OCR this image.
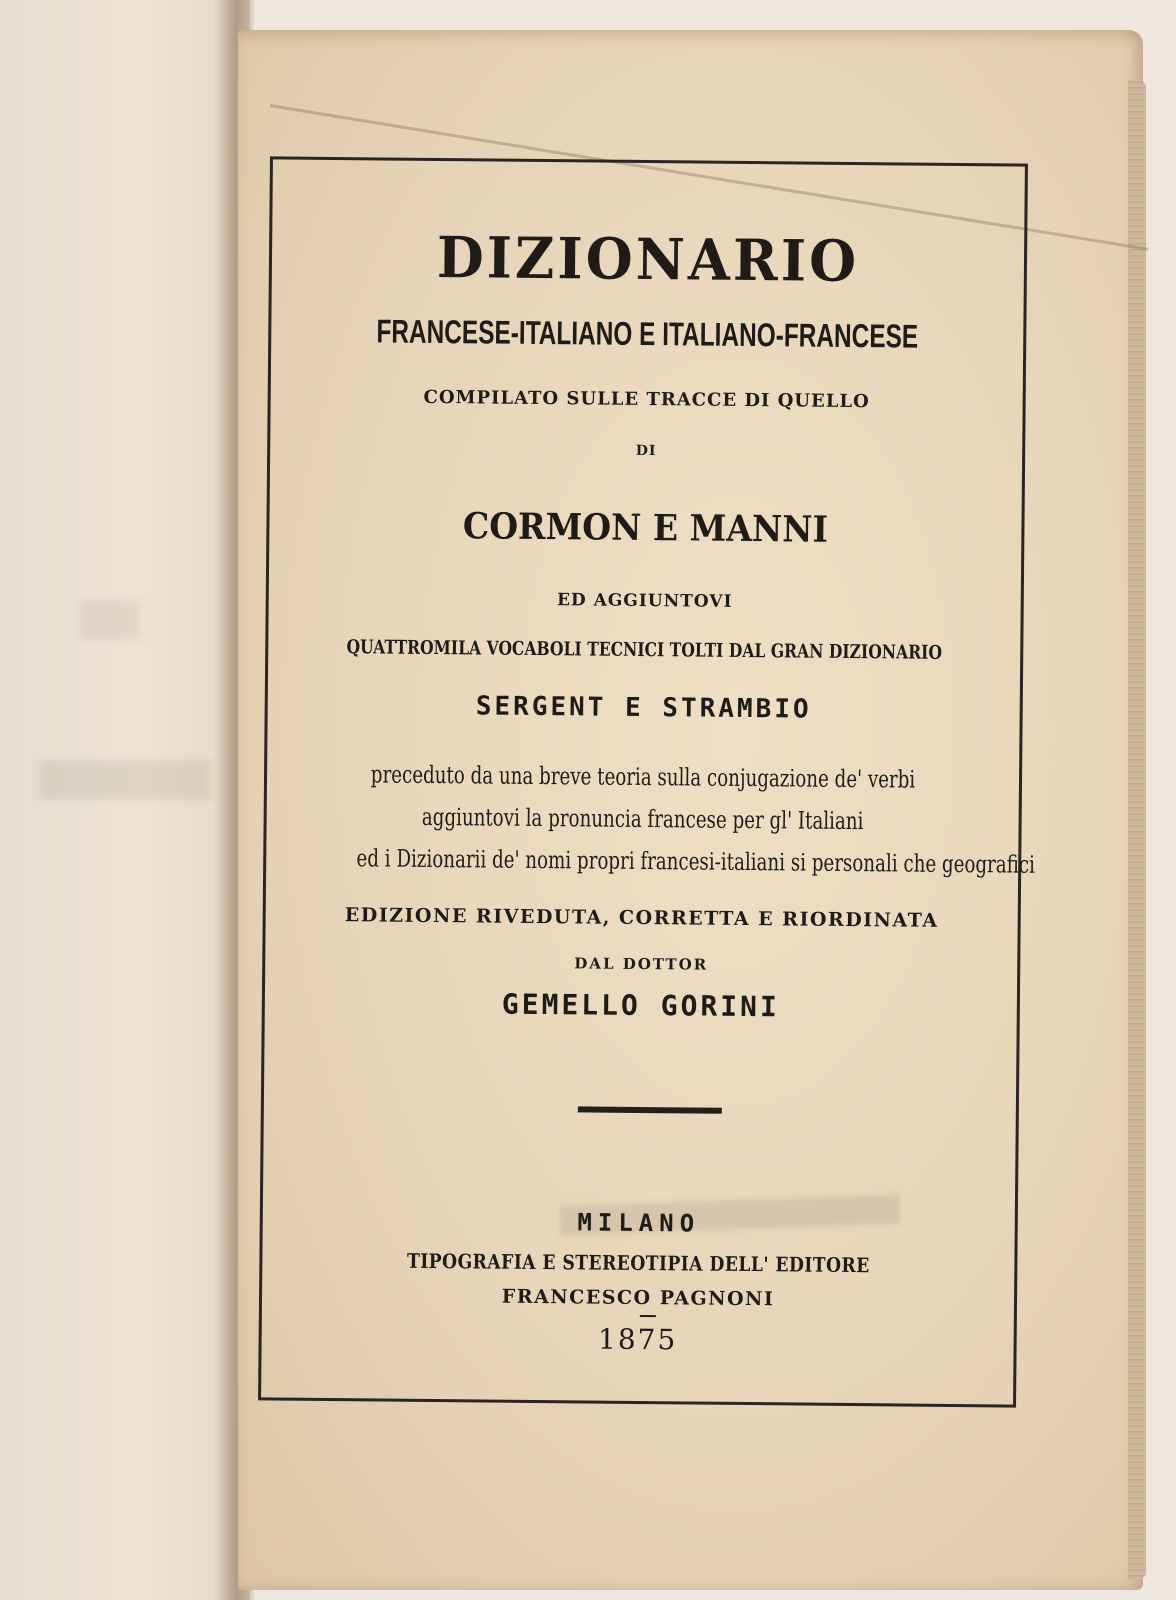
DIZIONARIO

FRANCESE-ITALIANO E ITALIANO-FRANCESE

COMPILATO SULLE TRACCE DI QUELLO

DI

CORMON E MANNI

ED AGGIUNTOVI

QUATTROMILA VOCABOLI TECNICI TOLTI DAL GRAN DIZIONARIO

SERGENT E STRAMBIO

preceduto da una breve teoria sulla conjugazione de' verbi

aggiuntovi la pronuncia francese per gl' Italiani

ed i Dizionarii de' nomi propri francesi-italiani si personali che geografici

EDIZIONE RIVEDUTA, CORRETTA E RIORDINATA

DAL DOTTOR

GEMELLO GORINI

MILANO

TIPOGRAFIA E STEREOTIPIA DELL' EDITORE

FRANCESCO PAGNONI

1875
